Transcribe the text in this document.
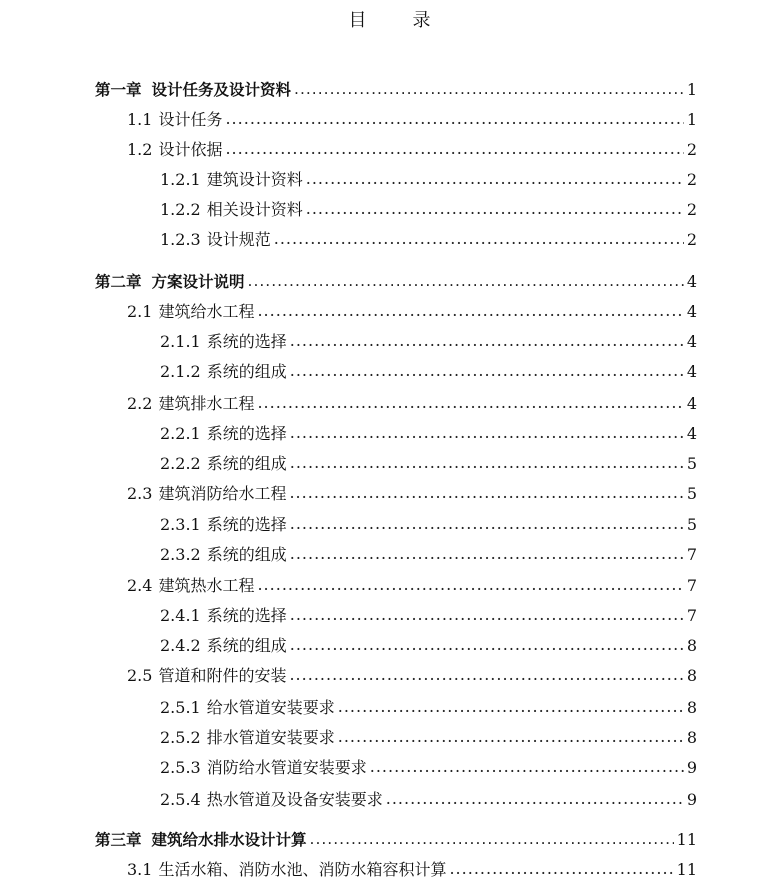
目　录
第一章 设计任务及设计资料 .....	1
1.1 设计任务 .....	1
1.2 设计依据 .....	2
1.2.1 建筑设计资料 .....	2
1.2.2 相关设计资料 .....	2
1.2.3 设计规范 .....	2
第二章 方案设计说明 .....	4
2.1 建筑给水工程 .....	4
2.1.1 系统的选择 .....	4
2.1.2 系统的组成 .....	4
2.2 建筑排水工程 .....	4
2.2.1 系统的选择 .....	4
2.2.2 系统的组成 .....	5
2.3 建筑消防给水工程 .....	5
2.3.1 系统的选择 .....	5
2.3.2 系统的组成 .....	7
2.4 建筑热水工程 .....	7
2.4.1 系统的选择 .....	7
2.4.2 系统的组成 .....	8
2.5 管道和附件的安装 .....	8
2.5.1 给水管道安装要求 .....	8
2.5.2 排水管道安装要求 .....	8
2.5.3 消防给水管道安装要求 .....	9
2.5.4 热水管道及设备安装要求 .....	9
第三章 建筑给水排水设计计算 .....	11
3.1 生活水箱、消防水池、消防水箱容积计算 .....	11
